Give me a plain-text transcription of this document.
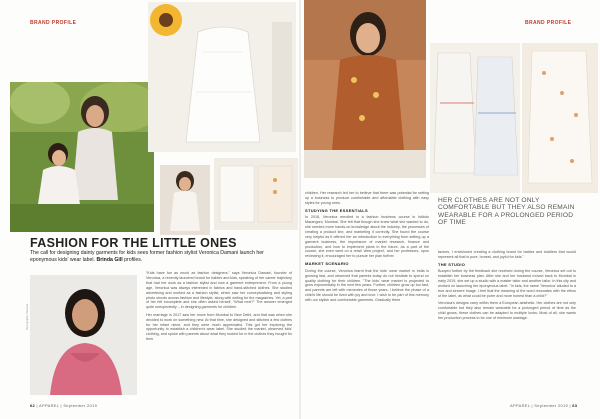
BRAND PROFILE	BRAND PROFILE
FASHION FOR THE LITTLE ONES
The call for designing dainty garments for kids sees former fashion stylist Veronica Damani launch her eponymous kids' wear label. Brinda Gill profiles.
Photographs: Veronica

"Kids have fun as much as fashion designers," says Veronica Damani, founder of Veronica, a recently launched brand for babies and kids, speaking of her career trajectory that had her work as a fashion stylist and now a garment entrepreneur. From a young age, Veronica was always interested in fabrics and hand-stitched clothes. She studied advertising and worked as a fashion stylist, which saw her conceptualising and styling photo shoots across fashion and lifestyle, along with writing for the magazines. Yet, a part of her felt incomplete and she often asked herself, "What next?" The answer emerged quite unexpectedly – in designing garments for children.

Her marriage in 2017 saw her move from Mumbai to New Delhi, and that was when she decided to work on something new. At that time, she designed and stitched a few clothes for her infant niece, and they were much appreciated. This got her exploring the opportunity to establish a children's wear label. She studied the market, observed kids' clothing, and spoke with parents about what they looked for in the clothes they bought for their

children. Her research led her to believe that there was potential for setting up a business to produce comfortable and affordable clothing with easy styles for young ones.

STUDYING THE ESSENTIALS

In 2018, Veronica enrolled in a fashion business course in Istituto Marangoni, Mumbai. She felt that though she knew what she wanted to do, she needed more hands-on knowledge about the industry, the processes of creating a product line, and marketing it correctly. She found the course very helpful as it offered her an introduction to everything from setting up a garment business, the importance of market research, finance and production, and how to implement plans in the future. As a part of the course, she even went on a retail 'view project', and her professors, upon reviewing it, encouraged her to pursue her plan further.

MARKET SCENARIO

During the course, Veronica learnt that the kids' wear market in India is growing fast, and observed that parents today do not hesitate to spend on quality clothing for their children. "The kids' wear market is projected to grow exponentially in the next few years. Further, children grow up too fast, and parents are left with memories of those years. I believe the phase of a child's life should be lived with joy and love. I wish to be part of this memory with our stylish and comfortable garments. Gradually there

HER CLOTHES ARE NOT ONLY COMFORTABLE BUT THEY ALSO REMAIN WEARABLE FOR A PROLONGED PERIOD OF TIME

factors, I envisioned creating a clothing brand for babies and toddlers that would represent all that is pure, honest, and joyful for kids."

THE STUDIO

Buoyed further by the feedback she received during the course, Veronica set out to establish her business plan. After she and her husband moved back to Mumbai in early 2019, she set up a studio with a master tailor and another tailor. In this city and worked on launching her eponymous label. "In kids, the name 'Veronica' alluded to a true and sincere image. I feel that the meaning of the word resonates with the ethos of the label, as what could be purer and more honest than a child?"

Veronica's designs carry within them a European aesthetic. Her clothes are not only comfortable but they also remain wearable for a prolonged period of time as the child grows, these clothes can be adapted to multiple looks. Most of all, she wants her production process to be one of minimum wastage.

62 | APPAREL | September 2019	APPAREL | September 2019 | 63
